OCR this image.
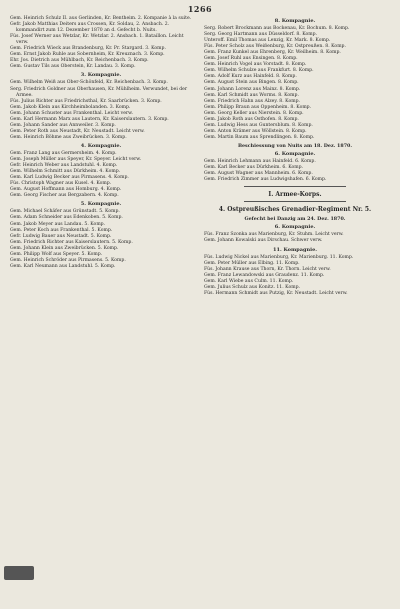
1266

Gem. Heinrich Schulz II. aus Gerlinden, Kr. Bentheim. 2. Kompanie à la suite.

Gefr. Jakob Matthias Deiters aus Crossen, Kr. Soldau, 2. Ansbach. 2. kommandirt zum 12. Dezember 1870 an d. Gefecht b. Nuits.

Füs. Josef Werner aus Wetzlar, Kr. Wetzlar. 2. Ansbach. 1. Bataillon. Leicht verw.

Gem. Friedrich Wieck aus Brandenburg, Kr. Pr. Stargard. 3. Komp.

Gem. Ernst Jakob Ruhle aus Sobernheim, Kr. Kreuznach. 3. Komp.

Ehr. Jos. Dietrich aus Mühlbach, Kr. Reichenbach. 3. Komp.

Gem. Gustav Tils aus Oberstein, Kr. Landau. 3. Komp.

3. Kompagnie.

Gem. Wilhelm Weiß aus Ober-Schönfeld, Kr. Reichenbach. 3. Komp.

Serg. Friedrich Goldner aus Oberhausen, Kr. Mühlheim. Verwundet, bei der Armee.

Füs. Julius Richter aus Friedrichsthal, Kr. Saarbrücken. 3. Komp.

Gem. Jakob Klein aus Kirchheimbolanden. 3. Komp.

Gem. Johann Schuster aus Frankenthal. Leicht verw.

Gem. Karl Hermann Marx aus Lautern, Kr. Kaiserslautern. 3. Komp.

Gem. Johann Sander aus Annweiler. 3. Komp.

Gem. Peter Roth aus Neustadt, Kr. Neustadt. Leicht verw.

Gem. Heinrich Böhme aus Zweibrücken. 3. Komp.

4. Kompagnie.

Gem. Franz Lang aus Germersheim. 4. Komp.

Gem. Joseph Müller aus Speyer, Kr. Speyer. Leicht verw.

Gefr. Heinrich Weber aus Landstuhl. 4. Komp.

Gem. Wilhelm Schmitt aus Dürkheim. 4. Komp.

Gem. Karl Ludwig Becker aus Pirmasens. 4. Komp.

Füs. Christoph Wagner aus Kusel. 4. Komp.

Gem. August Hoffmann aus Homburg. 4. Komp.

Gem. Georg Fischer aus Bergzabern. 4. Komp.

5. Kompagnie.

Gem. Michael Schäfer aus Grünstadt. 5. Komp.

Gem. Adam Schneider aus Edenkoben. 5. Komp.

Gem. Jakob Meyer aus Landau. 5. Komp.

Gem. Peter Koch aus Frankenthal. 5. Komp.

Gefr. Ludwig Bauer aus Neustadt. 5. Komp.

Gem. Friedrich Richter aus Kaiserslautern. 5. Komp.

Gem. Johann Klein aus Zweibrücken. 5. Komp.

Gem. Philipp Wolf aus Speyer. 5. Komp.

Gem. Heinrich Schröder aus Pirmasens. 5. Komp.

Gem. Karl Neumann aus Landstuhl. 5. Komp.

8. Kompagnie.

Serg. Robert Brockmann aus Bockenau, Kr. Bochum. 8. Komp.

Serg. Georg Hartmann aus Düsseldorf. 8. Komp.

Unteroff. Emil Thomas aus Lenzig, Kr. Mark. 8. Komp.

Füs. Peter Scholz aus Weißenburg, Kr. Ostpreußen. 8. Komp.

Gem. Franz Kunkel aus Ehrenberg, Kr. Weilheim. 8. Komp.

Gem. Josef Ruhl aus Ensingen. 8. Komp.

Gem. Heinrich Vogel aus Vorstadt. 8. Komp.

Gem. Wilhelm Schulze aus Frankfurt. 8. Komp.

Gem. Adolf Kurz aus Hainfeld. 8. Komp.

Gem. August Stein aus Bingen. 8. Komp.

Gem. Johann Lorenz aus Mainz. 8. Komp.

Gem. Karl Schmidt aus Worms. 8. Komp.

Gem. Friedrich Hahn aus Alzey. 8. Komp.

Gem. Philipp Braun aus Oppenheim. 8. Komp.

Gem. Georg Keller aus Nierstein. 8. Komp.

Gem. Jakob Roth aus Osthofen. 8. Komp.

Gem. Ludwig Hess aus Guntersblum. 8. Komp.

Gem. Anton Krämer aus Wöllstein. 8. Komp.

Gem. Martin Baum aus Sprendlingen. 8. Komp.

Beschiessung von Nuits am 18. Dez. 1870.
6. Kompagnie.

Gem. Heinrich Lehmann aus Hainfeld. 6. Komp.

Gem. Karl Becker aus Dürkheim. 6. Komp.

Gem. August Wagner aus Mannheim. 6. Komp.

Gem. Friedrich Zimmer aus Ludwigshafen. 6. Komp.

I. Armee-Korps.
4. Ostpreußisches Grenadier-Regiment Nr. 5.
Gefecht bei Danzig am 24. Dez. 1870.
6. Kompagnie.

Füs. Franz Szonka aus Marienburg, Kr. Stuhm. Leicht verw.

Gem. Johann Kowalski aus Dirschau. Schwer verw.

11. Kompagnie.

Füs. Ludwig Nickel aus Marienburg, Kr. Marienburg. 11. Komp.

Gem. Peter Müller aus Elbing. 11. Komp.

Füs. Johann Krause aus Thorn, Kr. Thorn. Leicht verw.

Gem. Franz Lewandowski aus Graudenz. 11. Komp.

Gem. Karl Wiebe aus Culm. 11. Komp.

Gem. Julius Schulz aus Konitz. 11. Komp.

Füs. Hermann Schmidt aus Putzig, Kr. Neustadt. Leicht verw.
